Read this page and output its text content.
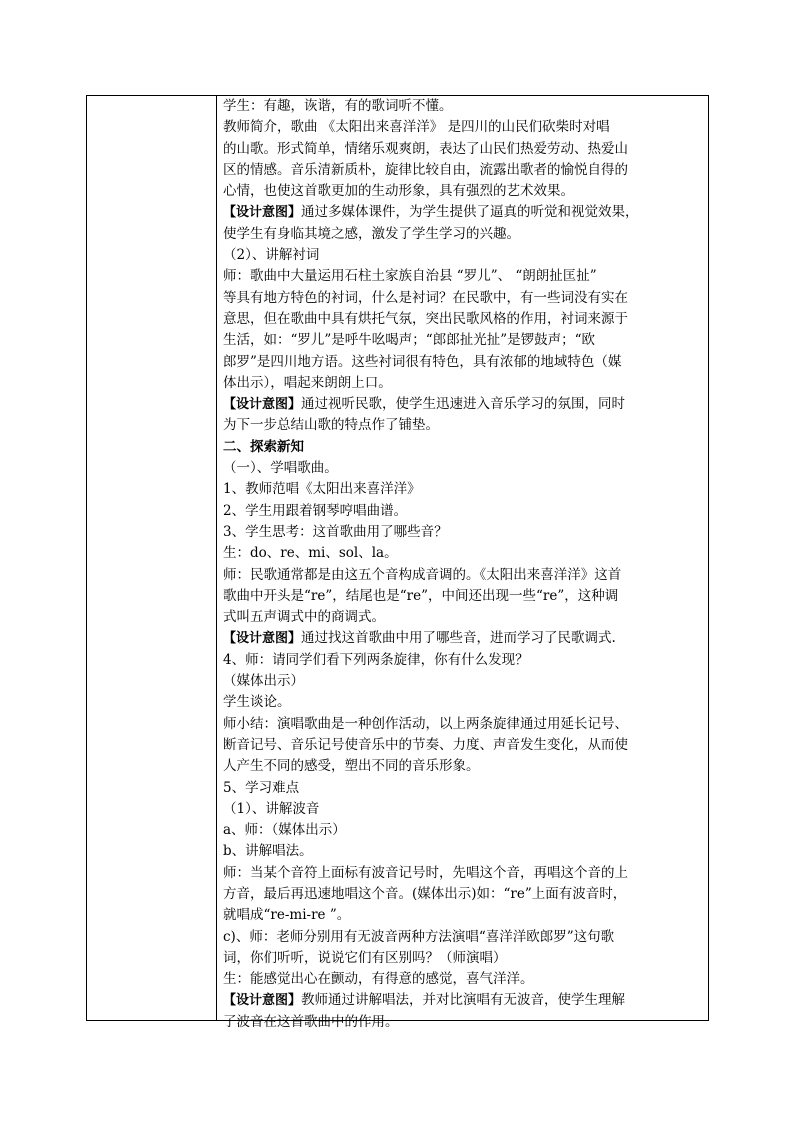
学生：有趣，诙谐，有的歌词听不懂。
教师简介，歌曲 《太阳出来喜洋洋》 是四川的山民们砍柴时对唱
的山歌。形式简单，情绪乐观爽朗，表达了山民们热爱劳动、热爱山
区的情感。音乐清新质朴，旋律比较自由，流露出歌者的愉悦自得的
心情，也使这首歌更加的生动形象，具有强烈的艺术效果。
【设计意图】通过多媒体课件，为学生提供了逼真的听觉和视觉效果，
使学生有身临其境之感，激发了学生学习的兴趣。
（2）、讲解衬词
师：歌曲中大量运用石柱土家族自治县 “罗儿”、 “朗朗扯匡扯”
等具有地方特色的衬词，什么是衬词？在民歌中，有一些词没有实在
意思，但在歌曲中具有烘托气氛，突出民歌风格的作用，衬词来源于
生活，如：“罗儿”是呼牛吆喝声；“郎郎扯光扯”是锣鼓声；“欧
郎罗”是四川地方语。这些衬词很有特色，具有浓郁的地域特色（媒
体出示），唱起来朗朗上口。
【设计意图】通过视听民歌，使学生迅速进入音乐学习的氛围，同时
为下一步总结山歌的特点作了铺垫。
二、探索新知
（一）、学唱歌曲。
1、教师范唱《太阳出来喜洋洋》
2、学生用跟着钢琴哼唱曲谱。
3、学生思考：这首歌曲用了哪些音？
生：do、re、mi、sol、la。
师：民歌通常都是由这五个音构成音调的。《太阳出来喜洋洋》这首
歌曲中开头是“re”，结尾也是“re”，中间还出现一些“re”，这种调
式叫五声调式中的商调式。
【设计意图】通过找这首歌曲中用了哪些音，进而学习了民歌调式.
4、师：请同学们看下列两条旋律，你有什么发现？
（媒体出示）
学生谈论。
师小结：演唱歌曲是一种创作活动，以上两条旋律通过用延长记号、
断音记号、音乐记号使音乐中的节奏、力度、声音发生变化，从而使
人产生不同的感受，塑出不同的音乐形象。
5、学习难点
（1）、讲解波音
a、师：（媒体出示）
b、讲解唱法。
师：当某个音符上面标有波音记号时，先唱这个音，再唱这个音的上
方音，最后再迅速地唱这个音。(媒体出示)如：“re”上面有波音时，
就唱成“re-mi-re ”。
c)、师：老师分别用有无波音两种方法演唱“喜洋洋欧郎罗”这句歌
词，你们听听，说说它们有区别吗？（师演唱）
生：能感觉出心在颤动，有得意的感觉，喜气洋洋。
【设计意图】教师通过讲解唱法，并对比演唱有无波音，使学生理解
了波音在这首歌曲中的作用。
